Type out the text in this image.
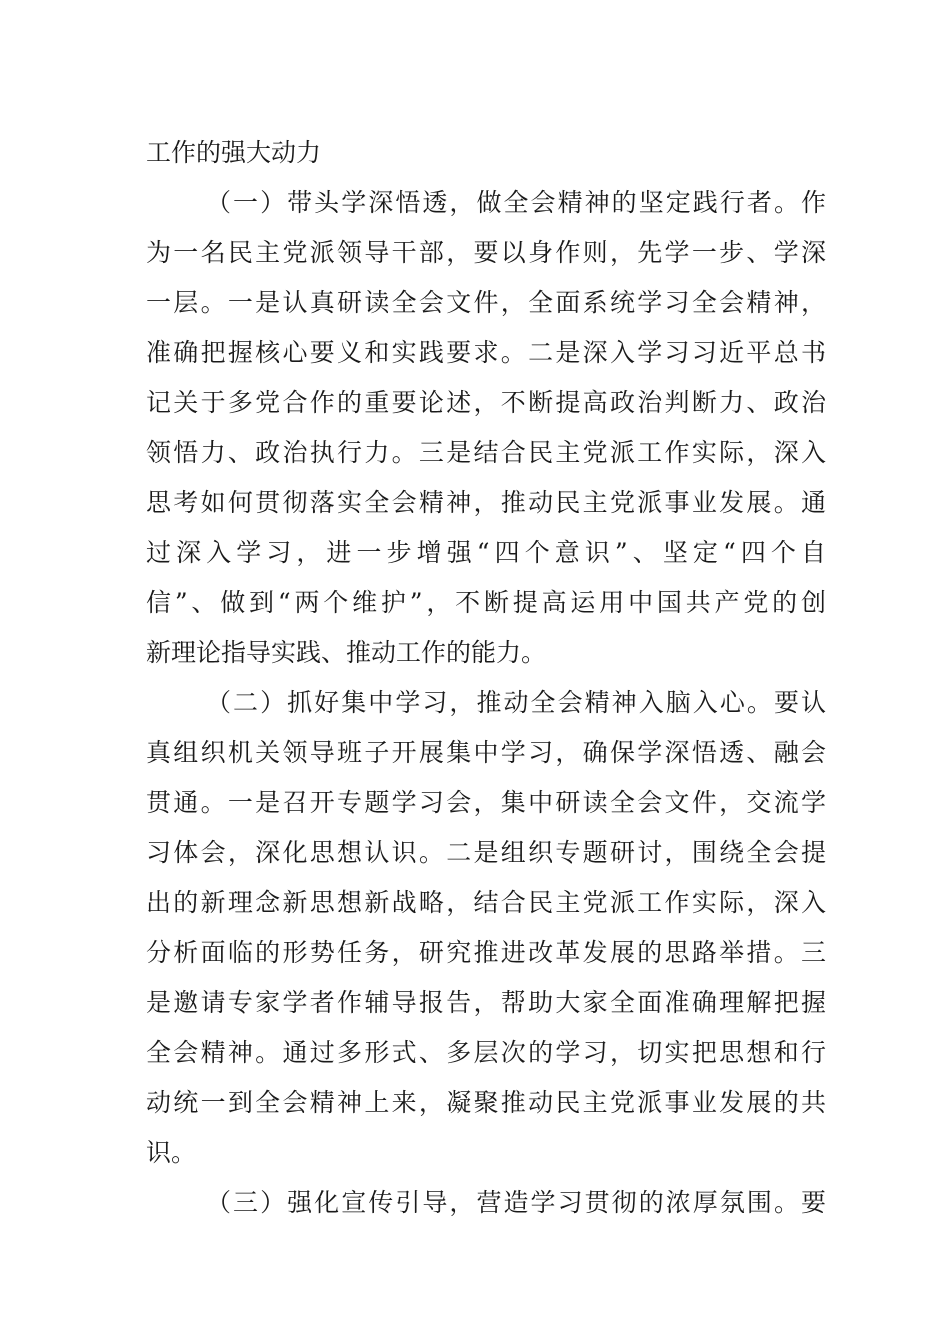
工作的强大动力
（一）带头学深悟透，做全会精神的坚定践行者。作
为一名民主党派领导干部，要以身作则，先学一步、学深
一层。一是认真研读全会文件，全面系统学习全会精神，
准确把握核心要义和实践要求。二是深入学习习近平总书
记关于多党合作的重要论述，不断提高政治判断力、政治
领悟力、政治执行力。三是结合民主党派工作实际，深入
思考如何贯彻落实全会精神，推动民主党派事业发展。通
过深入学习，进一步增强“四个意识”、坚定“四个自
信”、做到“两个维护”，不断提高运用中国共产党的创
新理论指导实践、推动工作的能力。
（二）抓好集中学习，推动全会精神入脑入心。要认
真组织机关领导班子开展集中学习，确保学深悟透、融会
贯通。一是召开专题学习会，集中研读全会文件，交流学
习体会，深化思想认识。二是组织专题研讨，围绕全会提
出的新理念新思想新战略，结合民主党派工作实际，深入
分析面临的形势任务，研究推进改革发展的思路举措。三
是邀请专家学者作辅导报告，帮助大家全面准确理解把握
全会精神。通过多形式、多层次的学习，切实把思想和行
动统一到全会精神上来，凝聚推动民主党派事业发展的共
识。
（三）强化宣传引导，营造学习贯彻的浓厚氛围。要
